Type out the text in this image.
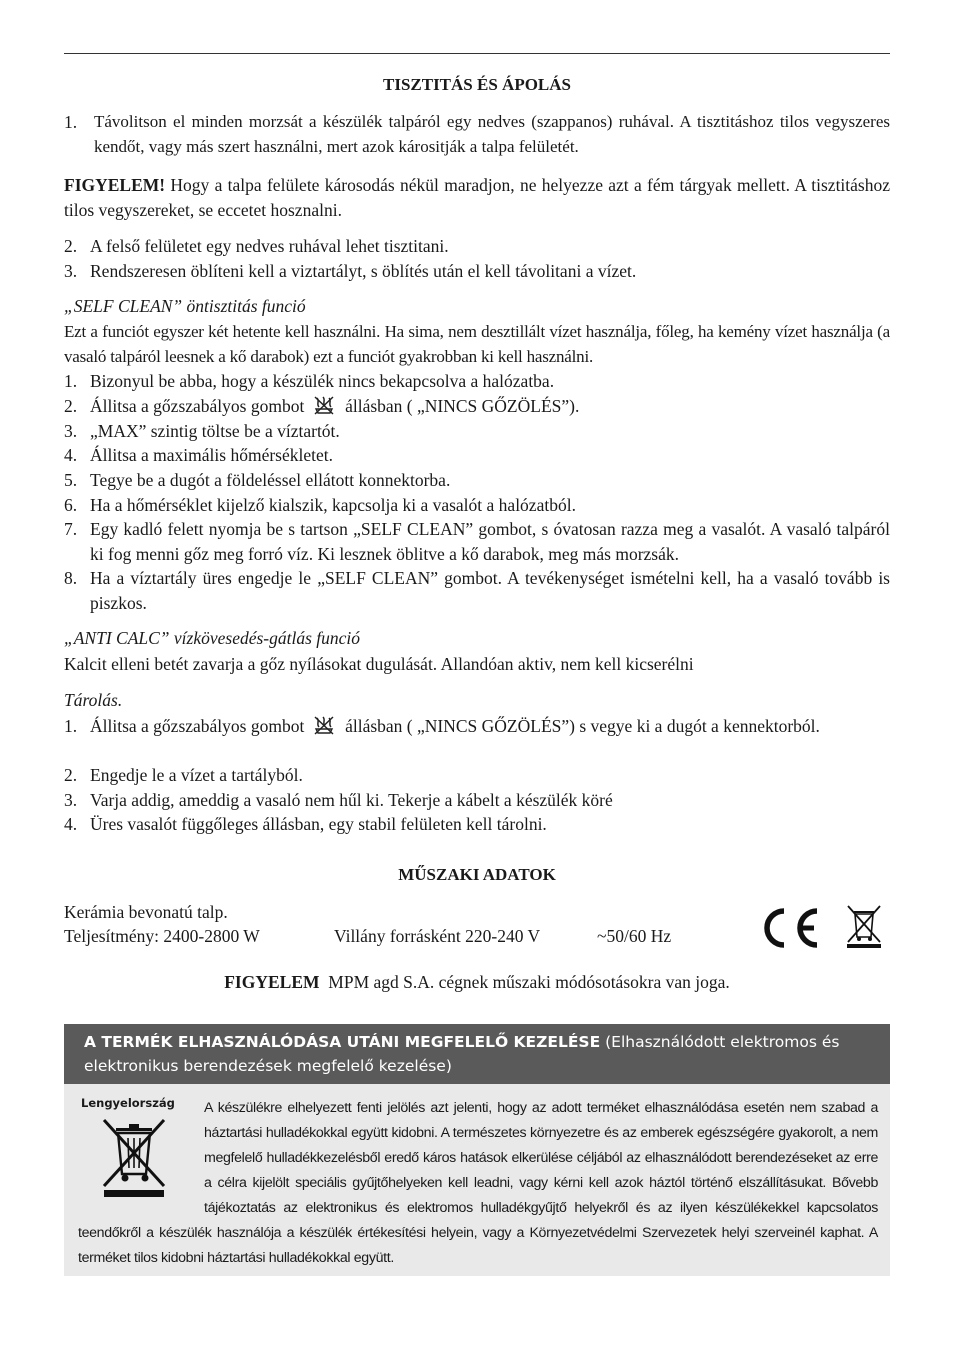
TISZTITÁS ÉS ÁPOLÁS
1. Távolitson el minden morzsát a készülék talpáról egy nedves (szappanos) ruhával. A tisztitáshoz tilos vegyszeres kendőt, vagy más szert használni, mert azok kárositják a talpa felületét.
FIGYELEM! Hogy a talpa felülete károsodás nékül maradjon, ne helyezze azt a fém tárgyak mellett. A tisztitáshoz tilos vegyszereket, se eccetet hosznalni.
2. A felső felületet egy nedves ruhával lehet tisztitani.
3. Rendszeresen öblíteni kell a viztartályt, s öblítés után el kell távolitani a vízet.
„SELF CLEAN” öntisztitás funció
Ezt a funciót egyszer két hetente kell használni. Ha sima, nem desztillált vízet használja, főleg, ha kemény vízet használja (a vasaló talpáról leesnek a kő darabok) ezt a funciót gyakrobban ki kell használni.
1. Bizonyul be abba, hogy a készülék nincs bekapcsolva a halózatba.
2. Állitsa a gőzszabályos gombot állásban ( „NINCS GŐZÖLÉS”).
3. „MAX” szintig töltse be a víztartót.
4. Állitsa a maximális hőmérsékletet.
5. Tegye be a dugót a földeléssel ellátott konnektorba.
6. Ha a hőmérséklet kijelző kialszik, kapcsolja ki a vasalót a halózatból.
7. Egy kadló felett nyomja be s tartson „SELF CLEAN” gombot, s óvatosan razza meg a vasalót. A vasaló talpáról ki fog menni gőz meg forró víz. Ki lesznek öblitve a kő darabok, meg más morzsák.
8. Ha a víztartály üres engedje le „SELF CLEAN” gombot. A tevékenységet ismételni kell, ha a vasaló tovább is piszkos.
„ANTI CALC” vízkövesedés-gátlás funció
Kalcit elleni betét zavarja a gőz nyílásokat dugulását. Allandóan aktiv, nem kell kicserélni
Tárolás.
1. Állitsa a gőzszabályos gombot állásban ( „NINCS GŐZÖLÉS”) s vegye ki a dugót a kennektorból.
2. Engedje le a vízet a tartályból.
3. Varja addig, ameddig a vasaló nem hűl ki. Tekerje a kábelt a készülék köré
4. Üres vasalót függőleges állásban, egy stabil felületen kell tárolni.
MŰSZAKI ADATOK
Kerámia bevonatú talp.
Teljesítmény: 2400-2800 W	Villány forrásként 220-240 V	~50/60 Hz
FIGYELEM MPM agd S.A. cégnek műszaki módósotásokra van joga.
A TERMÉK ELHASZNÁLÓDÁSA UTÁNI MEGFELELŐ KEZELÉSE (Elhasználódott elektromos és elektronikus berendezések megfelelő kezelése)
A készülékre elhelyezett fenti jelölés azt jelenti, hogy az adott terméket elhasználódása esetén nem szabad a háztartási hulladékokkal együtt kidobni. A természetes környezetre és az emberek egészségére gyakorolt, a nem megfelelő hulladékkezelésből eredő káros hatások elkerülése céljából az elhasználódott berendezéseket az erre a célra kijelölt speciális gyűjtőhelyeken kell leadni, vagy kérni kell azok háztól történő elszállításukat. Bővebb tájékoztatás az elektronikus és elektromos hulladékgyűjtő helyekről és az ilyen készülékekkel kapcsolatos teendőkről a készülék használója a készülék értékesítési helyein, vagy a Környezetvédelmi Szervezetek helyi szerveinél kaphat. A terméket tilos kidobni háztartási hulladékokkal együtt.
Lengyelország
